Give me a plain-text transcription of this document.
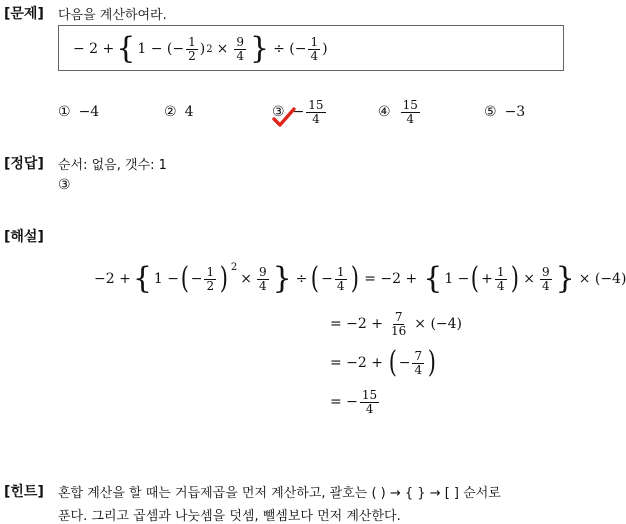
[문제] 다음을 계산하여라.
− 2 + { 1 − (− $\frac{1}{2}$ ) $2 \times \frac{9}{4}$ } ÷ (− $\frac{1}{4}$ )
① −4	② 4	③ − $\frac{15}{4}$	④ $\frac{15}{4}$	⑤ −3
[정답] 순서: 없음, 갯수: 1
③
[해설]
−2 + { 1 − ( − $\frac{1}{2}$ ) 2
× $\frac{9}{4}$ } ÷ ( − $\frac{1}{4}$ ) = −2 + { 1 − ( + $\frac{1}{4}$ ) × $\frac{9}{4}$ } × (−4)
= $-2 + \frac{7}{16} \times (-4)$
= −2 + ( − $\frac{7}{4}$ )
= − $\frac{15}{4}$
[힌트] 혼합 계산을 할 때는 거듭제곱을 먼저 계산하고, 괄호는 ( ) → { } → [ ] 순서로
푼다. 그리고 곱셈과 나눗셈을 덧셈, 뺄셈보다 먼저 계산한다.
